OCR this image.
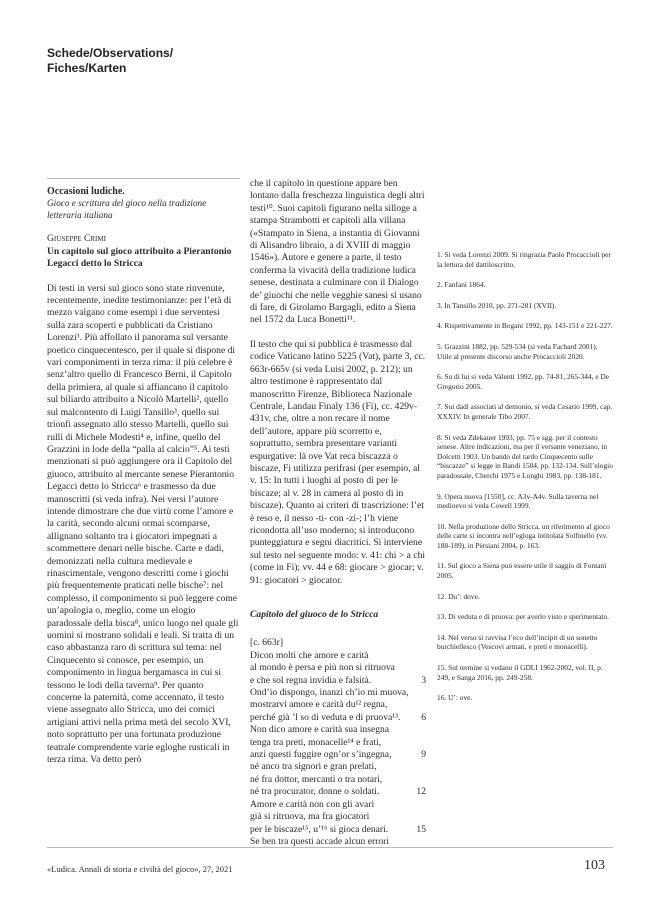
Schede/Observations/
Fiches/Karten
Occasioni ludiche.
Gioco e scrittura del gioco nella tradizione letteraria italiana
Giuseppe Crimi
Un capitolo sul gioco attribuito a Pierantonio Legacci detto lo Stricca

Di testi in versi sul gioco sono state rinvenute, recentemente, inedite testimonianze: per l’età di mezzo valgano come esempi i due serventesi sulla zara scoperti e pubblicati da Cristiano Lorenzi¹. Più affollato il panorama sul versante poetico cinquecentesco, per il quale si dispone di vari componimenti in terza rima: il più celebre è senz’altro quello di Francesco Berni, il Capitolo della primiera, al quale si affiancano il capitolo sul biliardo attribuito a Nicolò Martelli², quello sul malcontento di Luigi Tansillo³, quello sui trionfi assegnato allo stesso Martelli, quello sui rulli di Michele Modesti⁴ e, infine, quello del Grazzini in lode della “palla al calcio”⁵. Ai testi menzionati si può aggiungere ora il Capitolo del giuoco, attribuito al mercante senese Pierantonio Legacci detto lo Stricca⁶ e trasmesso da due manoscritti (si veda infra). Nei versi l’autore intende dimostrare che due virtù come l’amore e la carità, secondo alcuni ormai scomparse, allignano soltanto tra i giocatori impegnati a scommettere denari nelle bische. Carte e dadi, demonizzati nella cultura medievale e rinascimentale, vengono descritti come i giochi più frequentemente praticati nelle bische⁷: nel complesso, il componimento si può leggere come un’apologia o, meglio, come un elogio paradossale della bisca⁸, unico luogo nel quale gli uomini si mostrano solidali e leali. Si tratta di un caso abbastanza raro di scrittura sul tema: nel Cinquecento si conosce, per esempio, un componimento in lingua bergamasca in cui si tessono le lodi della taverna⁹. Per quanto concerne la paternità, come accennato, il testo viene assegnato allo Stricca, uno dei comici artigiani attivi nella prima metà del secolo XVI, noto soprattutto per una fortunata produzione teatrale comprendente varie egloghe rusticali in terza rima. Va detto però

che il capitolo in questione appare ben lontano dalla freschezza linguistica degli altri testi¹⁰. Suoi capitoli figurano nella silloge a stampa Strambotti et capitoli alla villana («Stampato in Siena, a instantia di Giovanni di Alisandro libraio, a di XVIII di maggio 1546»). Autore e genere a parte, il testo conferma la vivacità della tradizione ludica senese, destinata a culminare con il Dialogo de’ giuochi che nelle vegghie sanesi si usano di fare, di Girolamo Bargagli, edito a Siena nel 1572 da Luca Bonetti¹¹.

Il testo che qui si pubblica è trasmesso dal codice Vaticano latino 5225 (Vat), parte 3, cc. 663r-665v (si veda Luisi 2002, p. 212); un altro testimone è rappresentato dal manoscritto Firenze, Biblioteca Nazionale Centrale, Landau Finaly 136 (Fi), cc. 429v-431v, che, oltre a non recare il nome dell’autore, appare più scorretto e, soprattutto, sembra presentare varianti espurgative: là ove Vat reca biscazza o biscaze, Fi utilizza perifrasi (per esempio, al v. 15: In tutti i luoghi al posto di per le biscaze; al v. 28 in camera al posto di in biscaze). Quanto ai criteri di trascrizione: l’et è reso e, il nesso -ti- con -zi-; l’h viene ricondotta all’uso moderno; si introducono punteggiatura e segni diacritici. Si interviene sul testo nel seguente modo: v. 41: chi > a chi (come in Fi); vv. 44 e 68: giocare > giocar; v. 91: giocatori > giocator.

Capitolo del giuoco de lo Stricca
[c. 663r]
Dicon molti che amore e carità
al mondo è persa e più non si ritruova
e che sol regna invidia e falsità.	3
Ond’io dispongo, inanzi ch’io mi muova,
mostrarvi amore e carità du¹² regna,
perché già ’l so di veduta e di pruova¹³. 6
Non dico amore e carità sua insegna
tenga tra preti, monacelle¹⁴ e frati,
anzi questi fuggire ogn’or s’ingegna,	9
né anco tra signori e gran prelati,
né fra dottor, mercanti o tra notari,
né tra procurator, donne o soldati.	12
Amore e carità non con gli avari
già si ritruova, ma fra giocatori
per le biscaze¹⁵, u’¹⁶ si gioca denari.	15
Se ben tra questi accade alcun errori
1. Si veda Lorenzi 2009. Si ringrazia Paolo Procaccioli per la lettura del dattiloscritto.
2. Fanfani 1864.
3. In Tansillo 2010, pp. 271-281 (XVII).
4. Rispettivamente in Bogani 1992, pp. 143-151 e 221-227.
5. Grazzini 1882, pp. 529-534 (si veda Fachard 2001). Utile al presente discorso anche Procaccioli 2020.
6. Su di lui si veda Valenti 1992, pp. 74-81, 265-344, e De Gregorio 2005.
7. Sui dadi associati al demonio, si veda Cesario 1999, cap. XXXIV. In generale Tibo 2007.
8. Si veda Zdekauer 1993, pp. 75 e sgg. per il contesto senese. Altre indicazioni, ma per il versante veneziano, in Dolcetti 1903. Un bando del tardo Cinquecento sulle “biscazze” si legge in Bandi 1584, pp. 132-134. Sull’elogio paradossale, Cherchi 1975 e Longhi 1983, pp. 138-181.
9. Opera nuova [1550], cc. A3v-A4v. Sulla taverna nel medioevo si veda Cowell 1999.
10. Nella produzione dello Stricca, un riferimento al gioco delle carte si incontra nell’egloga intitolata Solfinello (vv. 188-189), in Pèrsiani 2004, p. 163.
11. Sul gioco a Siena può essere utile il saggio di Fontani 2005.
12. Du’: dove.
13. Di veduta e di pruova: per averlo visto e sperimentato.
14. Nel verso si ravvisa l’eco dell’incipit di un sonetto burchiellesco (Vescovi armati, e preti e monacelli).
15. Sul termine si vedano il GDLI 1962-2002, vol. II, p. 249, e Sanga 2016, pp. 249-258.
16. U’: ove.
«Ludica. Annali di storia e civiltà del gioco», 27, 2021	103
